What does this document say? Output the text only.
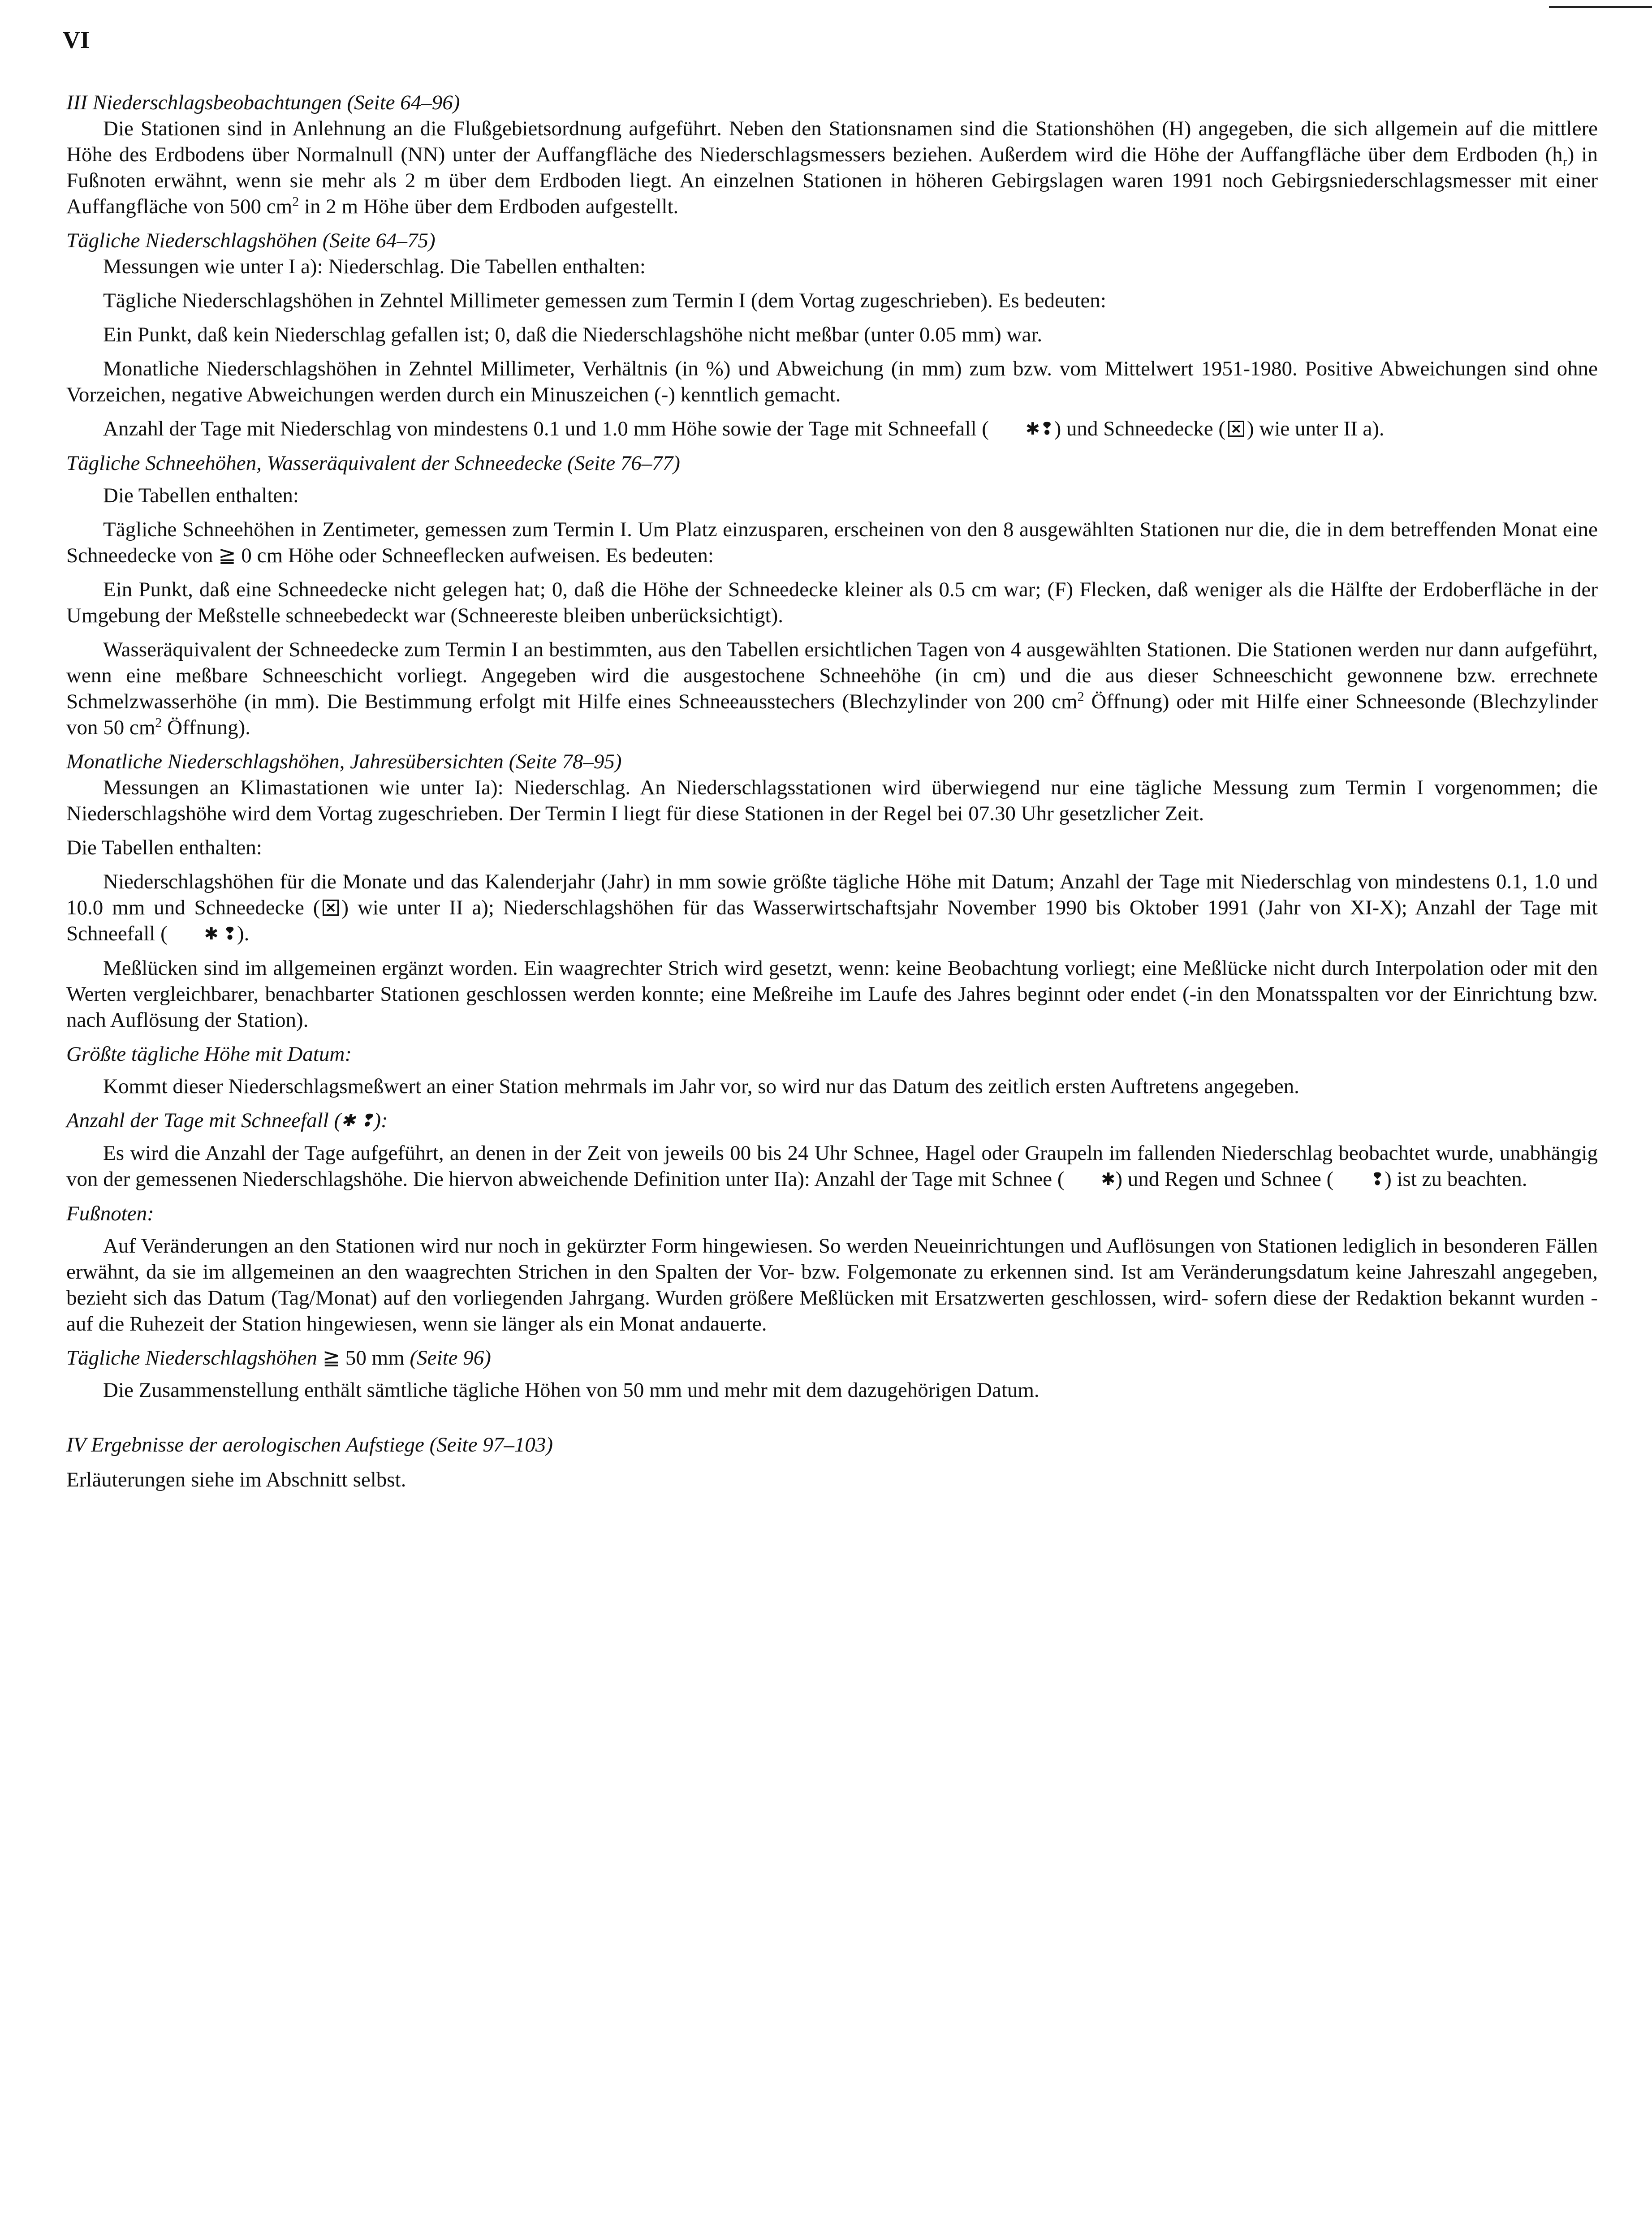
VI

III Niederschlagsbeobachtungen (Seite 64–96)

Die Stationen sind in Anlehnung an die Flußgebietsordnung aufgeführt. Neben den Stationsnamen sind die Stationshöhen (H) angegeben, die sich allgemein auf die mittlere Höhe des Erdbodens über Normalnull (NN) unter der Auffangfläche des Niederschlagsmessers beziehen. Außerdem wird die Höhe der Auffangfläche über dem Erdboden $(h_r)$ in Fußnoten erwähnt, wenn sie mehr als 2 m über dem Erdboden liegt. An einzelnen Stationen in höheren Gebirgslagen waren 1991 noch Gebirgsniederschlagsmesser mit einer Auffangfläche von 500 $cm^2$ in 2 m Höhe über dem Erdboden aufgestellt.

Tägliche Niederschlagshöhen (Seite 64–75)

Messungen wie unter I a): Niederschlag. Die Tabellen enthalten:

Tägliche Niederschlagshöhen in Zehntel Millimeter gemessen zum Termin I (dem Vortag zugeschrieben). Es bedeuten:

Ein Punkt, daß kein Niederschlag gefallen ist; 0, daß die Niederschlagshöhe nicht meßbar (unter 0.05 mm) war.

Monatliche Niederschlagshöhen in Zehntel Millimeter, Verhältnis (in %) und Abweichung (in mm) zum bzw. vom Mittelwert 1951-1980. Positive Abweichungen sind ohne Vorzeichen, negative Abweichungen werden durch ein Minuszeichen (-) kenntlich gemacht.

Anzahl der Tage mit Niederschlag von mindestens 0.1 und 1.0 mm Höhe sowie der Tage mit Schneefall ( ✱❢) und Schneedecke ( ) wie unter II a).

Tägliche Schneehöhen, Wasseräquivalent der Schneedecke (Seite 76–77)

Die Tabellen enthalten:

Tägliche Schneehöhen in Zentimeter, gemessen zum Termin I. Um Platz einzusparen, erscheinen von den 8 ausgewählten Stationen nur die, die in dem betreffenden Monat eine Schneedecke von ≧ 0 cm Höhe oder Schneeflecken aufweisen. Es bedeuten:

Ein Punkt, daß eine Schneedecke nicht gelegen hat; 0, daß die Höhe der Schneedecke kleiner als 0.5 cm war; (F) Flecken, daß weniger als die Hälfte der Erdoberfläche in der Umgebung der Meßstelle schneebedeckt war (Schneereste bleiben unberücksichtigt).

Wasseräquivalent der Schneedecke zum Termin I an bestimmten, aus den Tabellen ersichtlichen Tagen von 4 ausgewählten Stationen. Die Stationen werden nur dann aufgeführt, wenn eine meßbare Schneeschicht vorliegt. Angegeben wird die ausgestochene Schneehöhe (in cm) und die aus dieser Schneeschicht gewonnene bzw. errechnete Schmelzwasserhöhe (in mm). Die Bestimmung erfolgt mit Hilfe eines Schneeausstechers (Blechzylinder von 200 $cm^2$ Öffnung) oder mit Hilfe einer Schneesonde (Blechzylinder von 50 $cm^2$ Öffnung).

Monatliche Niederschlagshöhen, Jahresübersichten (Seite 78–95)

Messungen an Klimastationen wie unter Ia): Niederschlag. An Niederschlagsstationen wird überwiegend nur eine tägliche Messung zum Termin I vorgenommen; die Niederschlagshöhe wird dem Vortag zugeschrieben. Der Termin I liegt für diese Stationen in der Regel bei 07.30 Uhr gesetzlicher Zeit.

Die Tabellen enthalten:

Niederschlagshöhen für die Monate und das Kalenderjahr (Jahr) in mm sowie größte tägliche Höhe mit Datum; Anzahl der Tage mit Niederschlag von mindestens 0.1, 1.0 und 10.0 mm und Schneedecke ( ) wie unter II a); Niederschlagshöhen für das Wasserwirtschaftsjahr November 1990 bis Oktober 1991 (Jahr von XI-X); Anzahl der Tage mit Schneefall ( ✱ ❢).

Meßlücken sind im allgemeinen ergänzt worden. Ein waagrechter Strich wird gesetzt, wenn: keine Beobachtung vorliegt; eine Meßlücke nicht durch Interpolation oder mit den Werten vergleichbarer, benachbarter Stationen geschlossen werden konnte; eine Meßreihe im Laufe des Jahres beginnt oder endet (-in den Monatsspalten vor der Einrichtung bzw. nach Auflösung der Station).

Größte tägliche Höhe mit Datum:

Kommt dieser Niederschlagsmeßwert an einer Station mehrmals im Jahr vor, so wird nur das Datum des zeitlich ersten Auftretens angegeben.

Anzahl der Tage mit Schneefall (✱ ❢):

Es wird die Anzahl der Tage aufgeführt, an denen in der Zeit von jeweils 00 bis 24 Uhr Schnee, Hagel oder Graupeln im fallenden Niederschlag beobachtet wurde, unabhängig von der gemessenen Niederschlagshöhe. Die hiervon abweichende Definition unter IIa): Anzahl der Tage mit Schnee ( ✱) und Regen und Schnee ( ❢) ist zu beachten.

Fußnoten:

Auf Veränderungen an den Stationen wird nur noch in gekürzter Form hingewiesen. So werden Neueinrichtungen und Auflösungen von Stationen lediglich in besonderen Fällen erwähnt, da sie im allgemeinen an den waagrechten Strichen in den Spalten der Vor- bzw. Folgemonate zu erkennen sind. Ist am Veränderungsdatum keine Jahreszahl angegeben, bezieht sich das Datum (Tag/Monat) auf den vorliegenden Jahrgang. Wurden größere Meßlücken mit Ersatzwerten geschlossen, wird- sofern diese der Redaktion bekannt wurden - auf die Ruhezeit der Station hingewiesen, wenn sie länger als ein Monat andauerte.

Tägliche Niederschlagshöhen ≧ 50 mm (Seite 96)

Die Zusammenstellung enthält sämtliche tägliche Höhen von 50 mm und mehr mit dem dazugehörigen Datum.

IV Ergebnisse der aerologischen Aufstiege (Seite 97–103)

Erläuterungen siehe im Abschnitt selbst.
